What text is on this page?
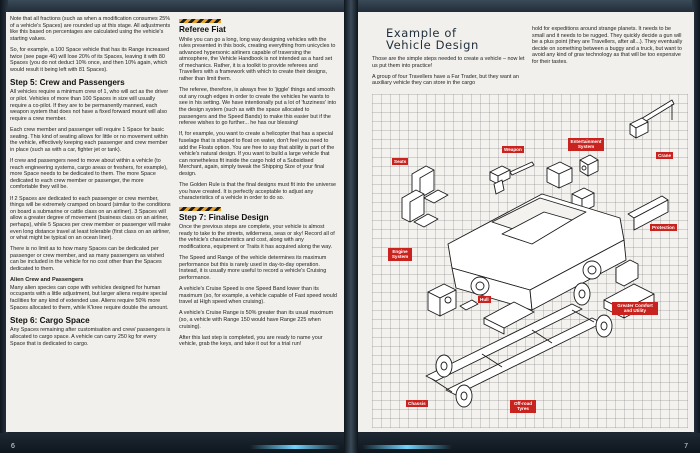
Note that all fractions (such as when a modification consumes 25% of a vehicle's Spaces) are rounded up at this stage. All adjustments like this based on percentages are calculated using the vehicle's starting values.

So, for example, a 100 Space vehicle that has its Range increased twice (see page 46) will lose 20% of its Spaces, leaving it with 80 Spaces (you do not deduct 10% once, and then 10% again, which would result it being left with 81 Spaces).

Step 5: Crew and Passengers

All vehicles require a minimum crew of 1, who will act as the driver or pilot. Vehicles of more than 100 Spaces in size will usually require a co-pilot. If they are to be permanently manned, each weapon system that does not have a fixed forward mount will also require a crew member.

Each crew member and passenger will require 1 Space for basic seating. This kind of seating allows for little or no movement within the vehicle, effectively keeping each passenger and crew member in place (such as with a car, fighter jet or tank).

If crew and passengers need to move about within a vehicle (to reach engineering systems, cargo areas or freshers, for example), more Space needs to be dedicated to them. The more Space dedicated to each crew member or passenger, the more comfortable they will be.

If 2 Spaces are dedicated to each passenger or crew member, things will be extremely cramped on board (similar to the conditions on board a submarine or cattle class on an airliner). 3 Spaces will allow a greater degree of movement (business class on an airliner, perhaps), while 5 Spaces per crew member or passenger will make even long distance travel at least tolerable (first class on an airliner, or what might be typical on an ocean liner).

There is no limit as to how many Spaces can be dedicated per passenger or crew member, and as many passengers as wished can be included in the vehicle for no cost other than the Spaces dedicated to them.

Alien Crew and Passengers

Many alien species can cope with vehicles designed for human occupants with a little adjustment, but larger aliens require special facilities for any kind of extended use. Aliens require 50% more Spaces allocated to them, while K'kree require double the amount.

Step 6: Cargo Space

Any Spaces remaining after customisation and crew/ passengers is allocated to cargo space. A vehicle can carry 250 kg for every Space that is dedicated to cargo.

Referee Fiat

While you can go a long, long way designing vehicles with the rules presented in this book, creating everything from unicycles to advanced hypersonic airliners capable of traversing the atmosphere, the Vehicle Handbook is not intended as a hard set of mechanics. Rather, it is a toolkit to provide referees and Travellers with a framework with which to create their designs, rather than limit them.

The referee, therefore, is always free to 'jiggle' things and smooth out any rough edges in order to create the vehicles he wants to see in his setting. We have intentionally put a lot of 'fuzziness' into the design system (such as with the space allocated to passengers and the Speed Bands) to make this easier but if the referee wishes to go further... he has our blessing!

If, for example, you want to create a helicopter that has a special fuselage that is shaped to float on water, don't feel you need to add the Floats option. You are free to say that ability is part of the vehicle's natural design. If you want to build a large vehicle that can nonetheless fit inside the cargo hold of a Subsidised Merchant, again, simply tweak the Shipping Size of your final design.

The Golden Rule is that the final designs must fit into the universe you have created. It is perfectly acceptable to adjust any characteristics of a vehicle in order to do so.

Step 7: Finalise Design

Once the previous steps are complete, your vehicle is almost ready to take to the streets, wilderness, seas or sky! Record all of the vehicle's characteristics and cost, along with any modifications, equipment or Traits it has acquired along the way.

The Speed and Range of the vehicle determines its maximum performance but this is rarely used in day-to-day operation. Instead, it is usually more useful to record a vehicle's Cruising performance.

A vehicle's Cruise Speed is one Speed Band lower than its maximum (so, for example, a vehicle capable of Fast speed would travel at High speed when cruising).

A vehicle's Cruise Range is 50% greater than its usual maximum (so, a vehicle with Range 150 would have Range 225 when cruising).

After this last step is completed, you are ready to name your vehicle, grab the keys, and take it out for a trial run!

6
Example of
Vehicle Design

Those are the simple steps needed to create a vehicle – now let us put them into practice!

A group of four Travellers have a Far Trader, but they want an auxiliary vehicle they can store in the cargo

hold for expeditions around strange planets. It needs to be small and it needs to be rugged. They quickly decide a gun will be a plus point (they are Travellers, after all...). They eventually decide on something between a buggy and a truck, but want to avoid any kind of grav technology as that will be too expensive for their tastes.

Weapon
Crane
Entertainment System
Seats
Protection
Engine System
Hull
Greater Comfort and Utility
Chassis	Off-road Tyres
7
